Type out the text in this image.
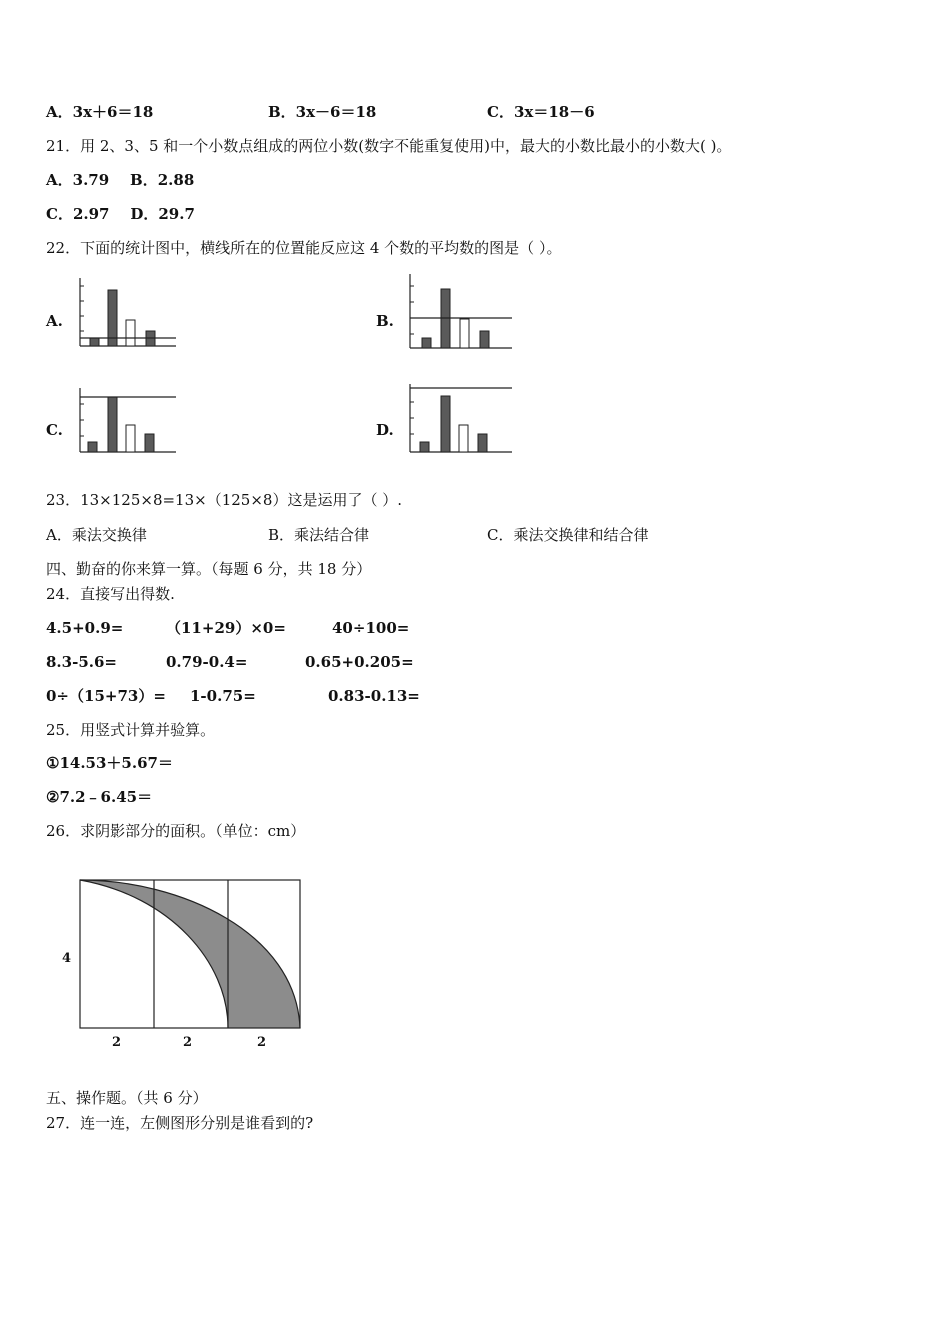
A．3x＋6＝18	B．3x－6＝18	C．3x＝18－6
21．用 2、3、5 和一个小数点组成的两位小数(数字不能重复使用)中，最大的小数比最小的小数大( )。
A．3.79    B．2.88
C．2.97    D．29.7
22．下面的统计图中，横线所在的位置能反应这 4 个数的平均数的图是（ ）。
A.	B.
C.	D.
23．13×125×8=13×（125×8）这是运用了（ ）.
A．乘法交换律	B．乘法结合律	C．乘法交换律和结合律
四、勤奋的你来算一算。（每题 6 分，共 18 分）
24．直接写出得数.
4.5+0.9=	（11+29）×0=	40÷100=
8.3-5.6=	0.79-0.4=	0.65+0.205=
0÷（15+73）= 1-0.75=	0.83-0.13=
25．用竖式计算并验算。
①14.53＋5.67＝
②7.2﹣6.45＝
26．求阴影部分的面积。（单位：cm）
4
2	2	2
五、操作题。（共 6 分）
27．连一连，左侧图形分别是谁看到的?
